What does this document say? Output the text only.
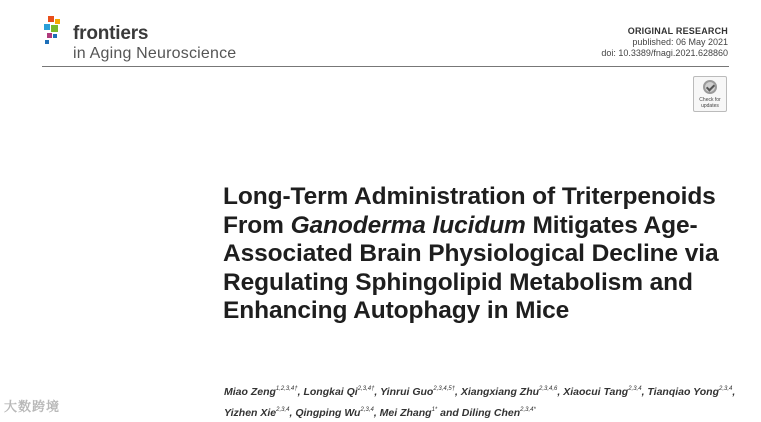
frontiers
in Aging Neuroscience
ORIGINAL RESEARCH
published: 06 May 2021
doi: 10.3389/fnagi.2021.628860
Check for
updates
Long-Term Administration of Triterpenoids From Ganoderma lucidum Mitigates Age-Associated Brain Physiological Decline via Regulating Sphingolipid Metabolism and Enhancing Autophagy in Mice
Miao Zeng$^{1,2,3,4\dagger}$, Longkai $Qi^{2,3,4\dagger}$, Yinrui Guo$^{2,3,4,5\dagger}$, Xiangxiang Zhu$^{2,3,4,6}$, Xiaocui Tang$^{2,3,4}$, Tianqiao Yong$^{2,3,4}$, Yizhen Xie$^{2,3,4}$, Qingping Wu$^{2,3,4}$, Mei Zhang$^{1*}$ and Diling Chen$^{2,3,4*}$
大数跨境
